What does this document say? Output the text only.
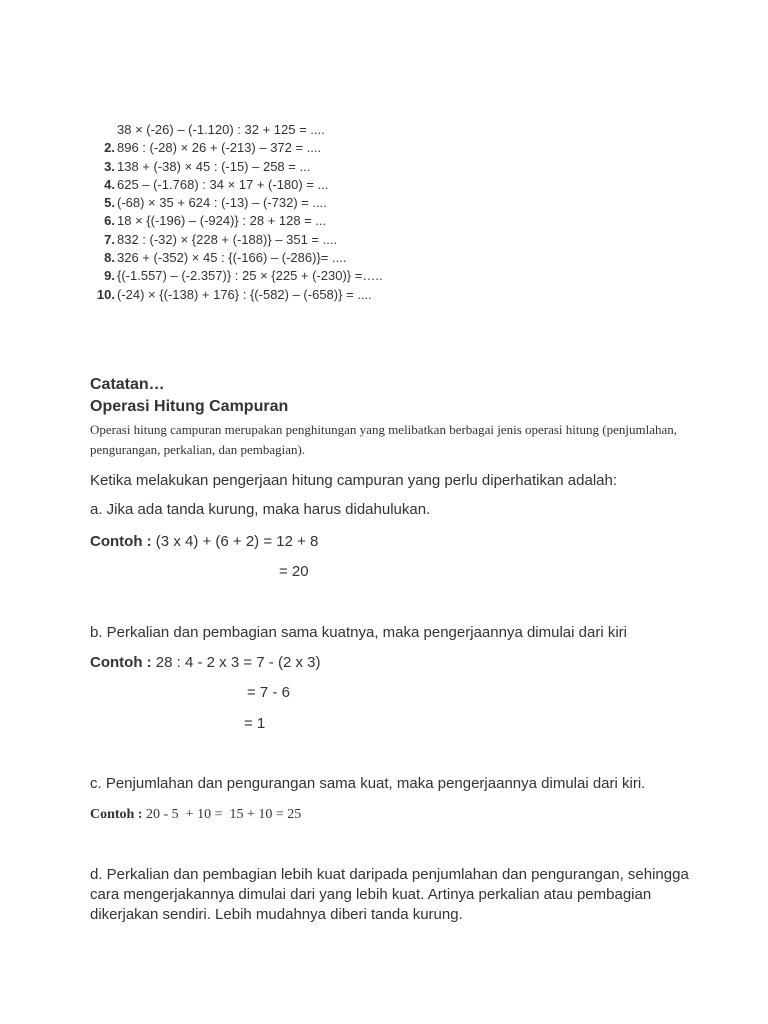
38 × (-26) – (-1.120) : 32 + 125 = ....
2. 896 : (-28) × 26 + (-213) – 372 = ....
3. 138 + (-38) × 45 : (-15) – 258 = ...
4. 625 – (-1.768) : 34 × 17 + (-180) = ...
5. (-68) × 35 + 624 : (-13) – (-732) = ....
6. 18 × {(-196) – (-924)} : 28 + 128 = ...
7. 832 : (-32) × {228 + (-188)} – 351 = ....
8. 326 + (-352) × 45 : {(-166) – (-286)}= ....
9. {(-1.557) – (-2.357)} : 25 × {225 + (-230)} =…..
10. (-24) × {(-138) + 176} : {(-582) – (-658)} = ....

Catatan…

Operasi Hitung Campuran

Operasi hitung campuran merupakan penghitungan yang melibatkan berbagai jenis operasi hitung (penjumlahan, pengurangan, perkalian, dan pembagian).

Ketika melakukan pengerjaan hitung campuran yang perlu diperhatikan adalah:

a. Jika ada tanda kurung, maka harus didahulukan.

Contoh : (3 x 4) + (6 + 2) = 12 + 8

= 20

b. Perkalian dan pembagian sama kuatnya, maka pengerjaannya dimulai dari kiri

Contoh : 28 : 4 - 2 x 3 = 7 - (2 x 3)

= 7 - 6

= 1

c. Penjumlahan dan pengurangan sama kuat, maka pengerjaannya dimulai dari kiri.

Contoh : 20 - 5  + 10 =  15 + 10 = 25

d. Perkalian dan pembagian lebih kuat daripada penjumlahan dan pengurangan, sehingga cara mengerjakannya dimulai dari yang lebih kuat. Artinya perkalian atau pembagian dikerjakan sendiri. Lebih mudahnya diberi tanda kurung.
